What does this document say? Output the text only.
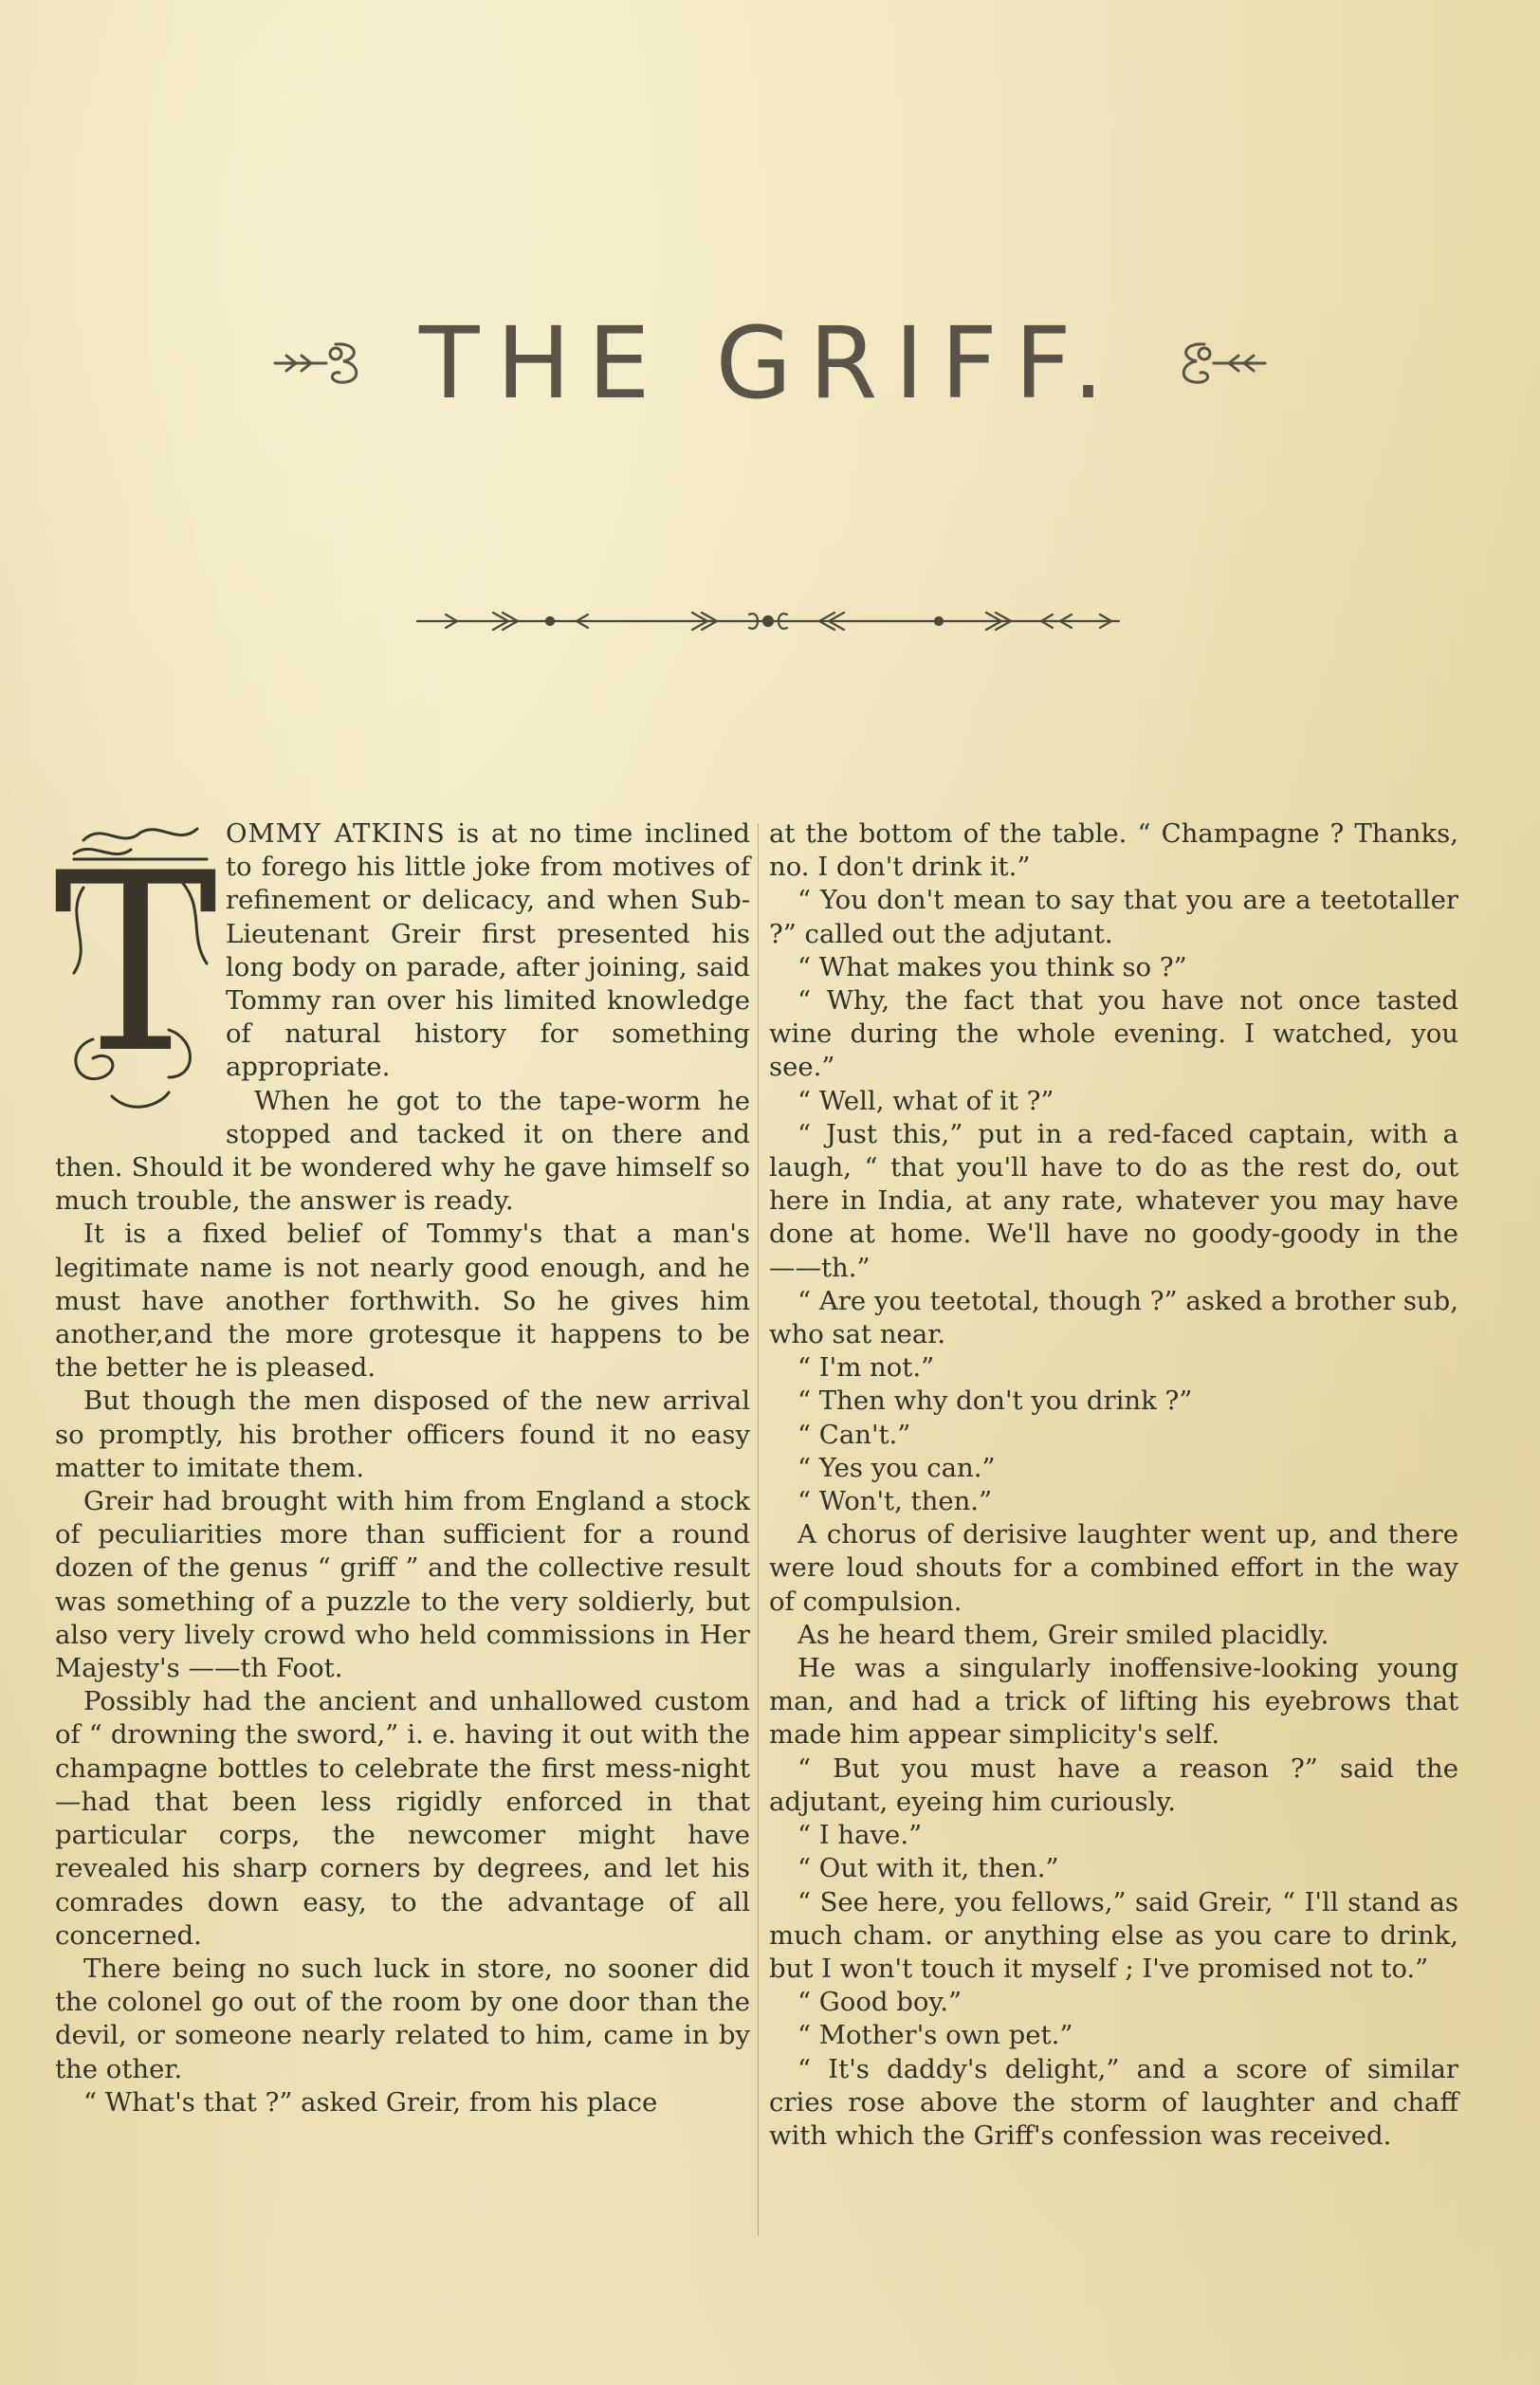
THE GRIFF.

T OMMY ATKINS is at no time inclined to forego his little joke from motives of refinement or delicacy, and when Sub-Lieutenant Greir first presented his long body on parade, after joining, said Tommy ran over his limited knowledge of natural history for something appropriate.

When he got to the tape-worm he stopped and tacked it on there and then. Should it be wondered why he gave himself so much trouble, the answer is ready.

It is a fixed belief of Tommy's that a man's legitimate name is not nearly good enough, and he must have another forthwith. So he gives him another,and the more grotesque it happens to be the better he is pleased.

But though the men disposed of the new arrival so promptly, his brother officers found it no easy matter to imitate them.

Greir had brought with him from England a stock of peculiarities more than sufficient for a round dozen of the genus “ griff ” and the collective result was something of a puzzle to the very soldierly, but also very lively crowd who held commissions in Her Majesty's ——th Foot.

Possibly had the ancient and unhallowed custom of “ drowning the sword,” i. e. having it out with the champagne bottles to celebrate the first mess-night—had that been less rigidly enforced in that particular corps, the newcomer might have revealed his sharp corners by degrees, and let his comrades down easy, to the advantage of all concerned.

There being no such luck in store, no sooner did the colonel go out of the room by one door than the devil, or someone nearly related to him, came in by the other.

“ What's that ?” asked Greir, from his place

at the bottom of the table. “ Champagne ? Thanks, no. I don't drink it.”

“ You don't mean to say that you are a teetotaller ?” called out the adjutant.

“ What makes you think so ?”

“ Why, the fact that you have not once tasted wine during the whole evening. I watched, you see.”

“ Well, what of it ?”

“ Just this,” put in a red-faced captain, with a laugh, “ that you'll have to do as the rest do, out here in India, at any rate, whatever you may have done at home. We'll have no goody-goody in the ——th.”

“ Are you teetotal, though ?” asked a brother sub, who sat near.

“ I'm not.”

“ Then why don't you drink ?”

“ Can't.”

“ Yes you can.”

“ Won't, then.”

A chorus of derisive laughter went up, and there were loud shouts for a combined effort in the way of compulsion.

As he heard them, Greir smiled placidly.

He was a singularly inoffensive-looking young man, and had a trick of lifting his eyebrows that made him appear simplicity's self.

“ But you must have a reason ?” said the adjutant, eyeing him curiously.

“ I have.”

“ Out with it, then.”

“ See here, you fellows,” said Greir, “ I'll stand as much cham. or anything else as you care to drink, but I won't touch it myself ; I've promised not to.”

“ Good boy.”

“ Mother's own pet.”

“ It's daddy's delight,” and a score of similar cries rose above the storm of laughter and chaff with which the Griff's confession was received.
